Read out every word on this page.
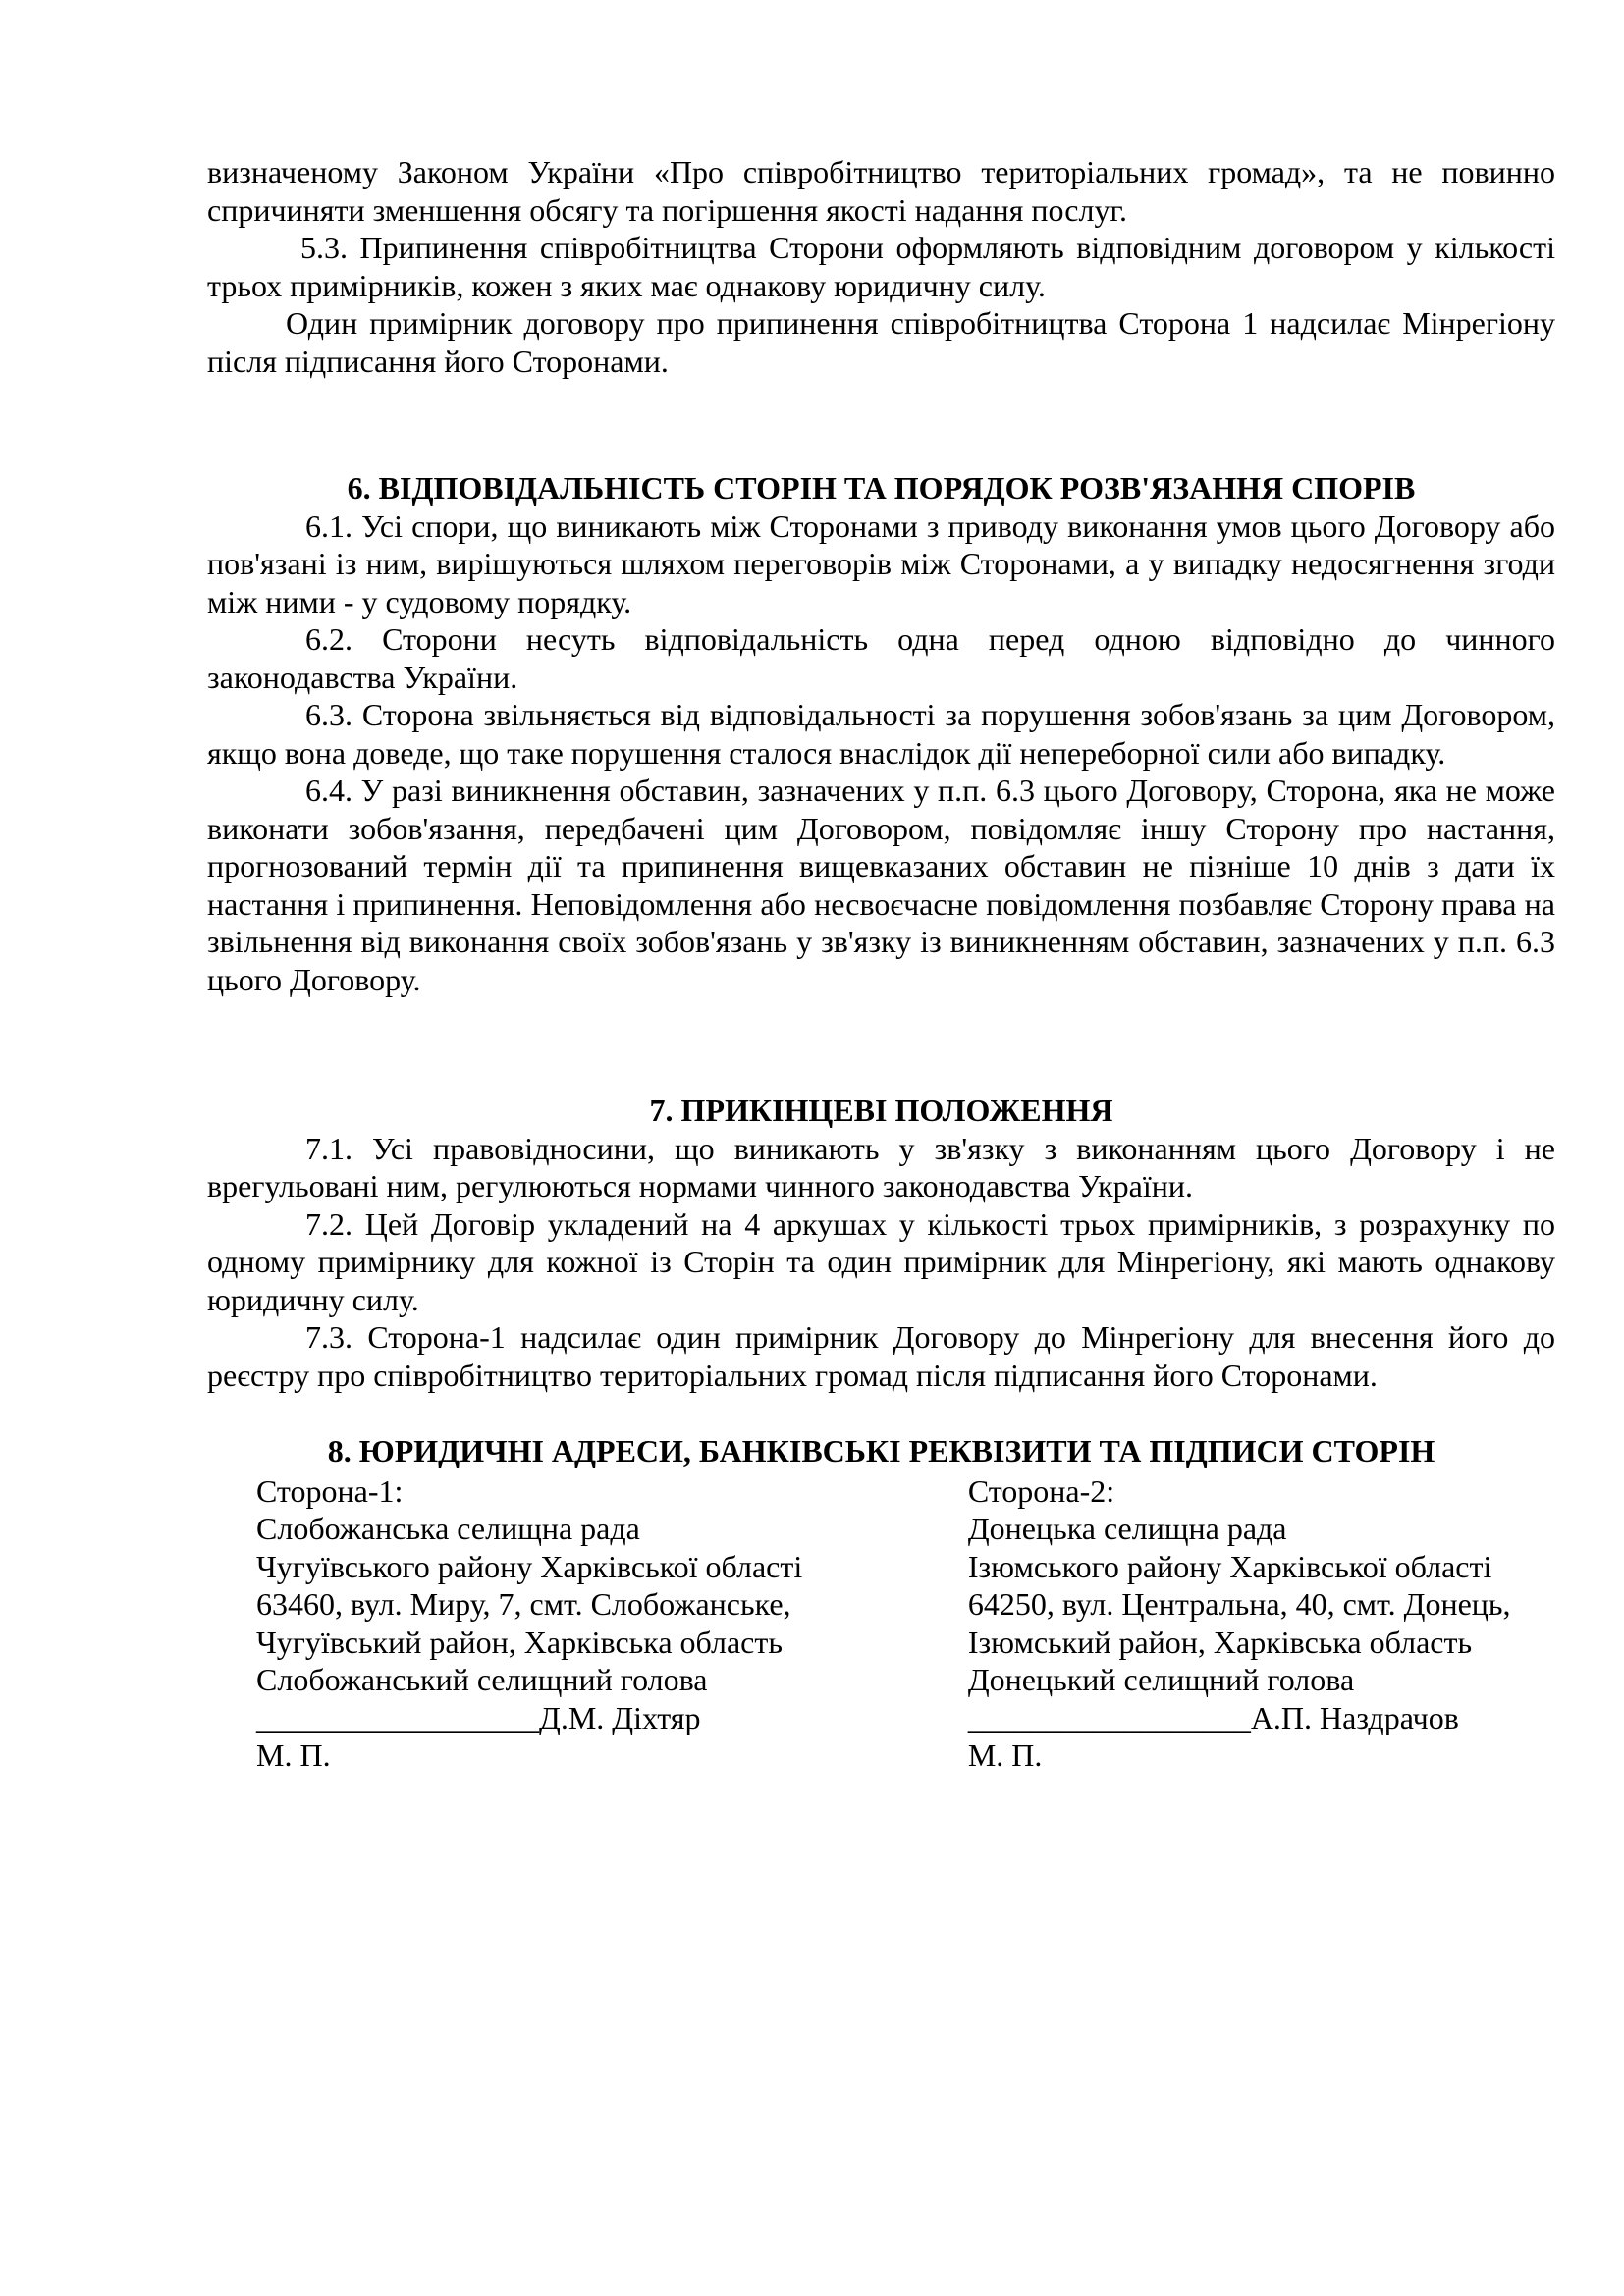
визначеному Законом України «Про співробітництво територіальних громад», та не повинно спричиняти зменшення обсягу та погіршення якості надання послуг.

5.3. Припинення співробітництва Сторони оформляють відповідним договором у кількості трьох примірників, кожен з яких має однакову юридичну силу.

Один примірник договору про припинення співробітництва Сторона 1 надсилає Мінрегіону після підписання його Сторонами.

6. ВІДПОВІДАЛЬНІСТЬ СТОРІН ТА ПОРЯДОК РОЗВ'ЯЗАННЯ СПОРІВ

6.1. Усі спори, що виникають між Сторонами з приводу виконання умов цього Договору або пов'язані із ним, вирішуються шляхом переговорів між Сторонами, а у випадку недосягнення згоди між ними - у судовому порядку.

6.2. Сторони несуть відповідальність одна перед одною відповідно до чинного законодавства України.

6.3. Сторона звільняється від відповідальності за порушення зобов'язань за цим Договором, якщо вона доведе, що таке порушення сталося внаслідок дії непереборної сили або випадку.

6.4. У разі виникнення обставин, зазначених у п.п. 6.3 цього Договору, Сторона, яка не може виконати зобов'язання, передбачені цим Договором, повідомляє іншу Сторону про настання, прогнозований термін дії та припинення вищевказаних обставин не пізніше 10 днів з дати їх настання і припинення. Неповідомлення або несвоєчасне повідомлення позбавляє Сторону права на звільнення від виконання своїх зобов'язань у зв'язку із виникненням обставин, зазначених у п.п. 6.3 цього Договору.

7. ПРИКІНЦЕВІ ПОЛОЖЕННЯ

7.1. Усі правовідносини, що виникають у зв'язку з виконанням цього Договору і не врегульовані ним, регулюються нормами чинного законодавства України.

7.2. Цей Договір укладений на 4 аркушах у кількості трьох примірників, з розрахунку по одному примірнику для кожної із Сторін та один примірник для Мінрегіону, які мають однакову юридичну силу.

7.3. Сторона-1 надсилає один примірник Договору до Мінрегіону для внесення його до реєстру про співробітництво територіальних громад після підписання його Сторонами.

8. ЮРИДИЧНІ АДРЕСИ, БАНКІВСЬКІ РЕКВІЗИТИ ТА ПІДПИСИ СТОРІН
Сторона-1:
Слобожанська селищна рада
Чугуївського району Харківської області
63460, вул. Миру, 7, смт. Слобожанське,
Чугуївський район, Харківська область
Слобожанський селищний голова
__________________Д.М. Діхтяр
М. П.
Сторона-2:
Донецька селищна рада
Ізюмського району Харківської області
64250, вул. Центральна, 40, смт. Донець,
Ізюмський район, Харківська область
Донецький селищний голова
__________________А.П. Наздрачов
М. П.
